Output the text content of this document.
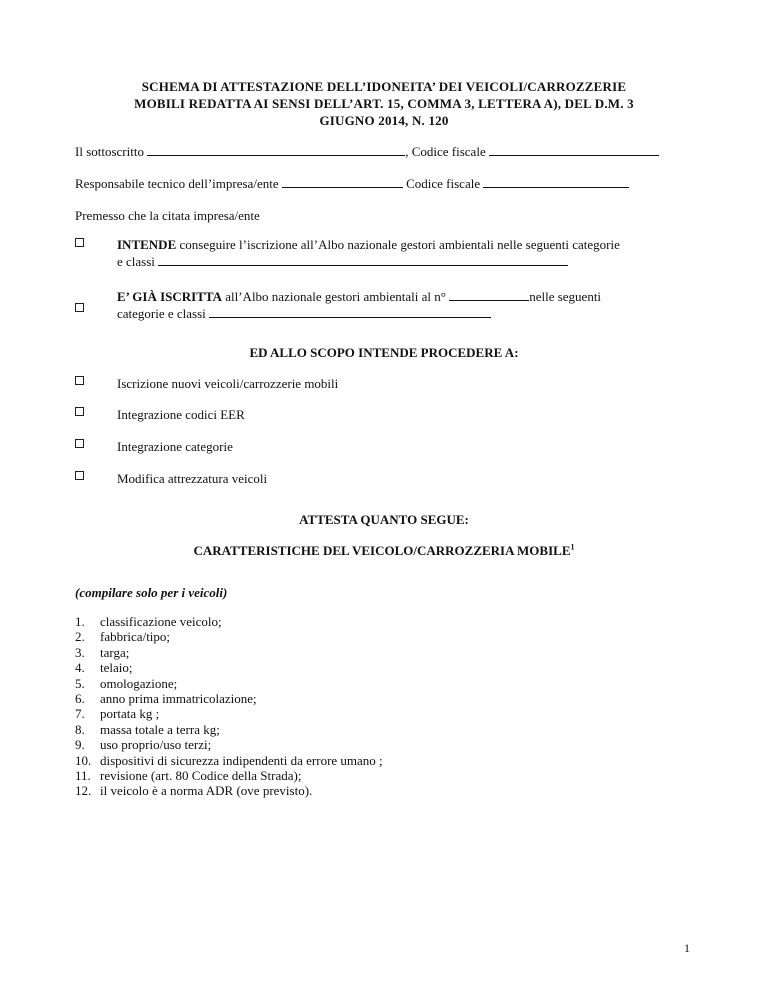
SCHEMA DI ATTESTAZIONE DELL’IDONEITA’ DEI VEICOLI/CARROZZERIE
MOBILI REDATTA AI SENSI DELL’ART. 15, COMMA 3, LETTERA A), DEL D.M. 3
GIUGNO 2014, N. 120
Il sottoscritto	, Codice fiscale
Responsabile tecnico dell’impresa/ente	Codice fiscale
Premesso che la citata impresa/ente
INTENDE conseguire l’iscrizione all’Albo nazionale gestori ambientali nelle seguenti categorie
e classi
E’ GIÀ ISCRITTA all’Albo nazionale gestori ambientali al n°	nelle seguenti
categorie e classi
ED ALLO SCOPO INTENDE PROCEDERE A:
Iscrizione nuovi veicoli/carrozzerie mobili
Integrazione codici EER
Integrazione categorie
Modifica attrezzatura veicoli
ATTESTA QUANTO SEGUE:
CARATTERISTICHE DEL VEICOLO/CARROZZERIA MOBILE$^1$
(compilare solo per i veicoli)
1. classificazione veicolo;
2. fabbrica/tipo;
3. targa;
4. telaio;
5. omologazione;
6. anno prima immatricolazione;
7. portata kg ;
8. massa totale a terra kg;
9. uso proprio/uso terzi;
10. dispositivi di sicurezza indipendenti da errore umano ;
11. revisione (art. 80 Codice della Strada);
12. il veicolo è a norma ADR (ove previsto).
1
